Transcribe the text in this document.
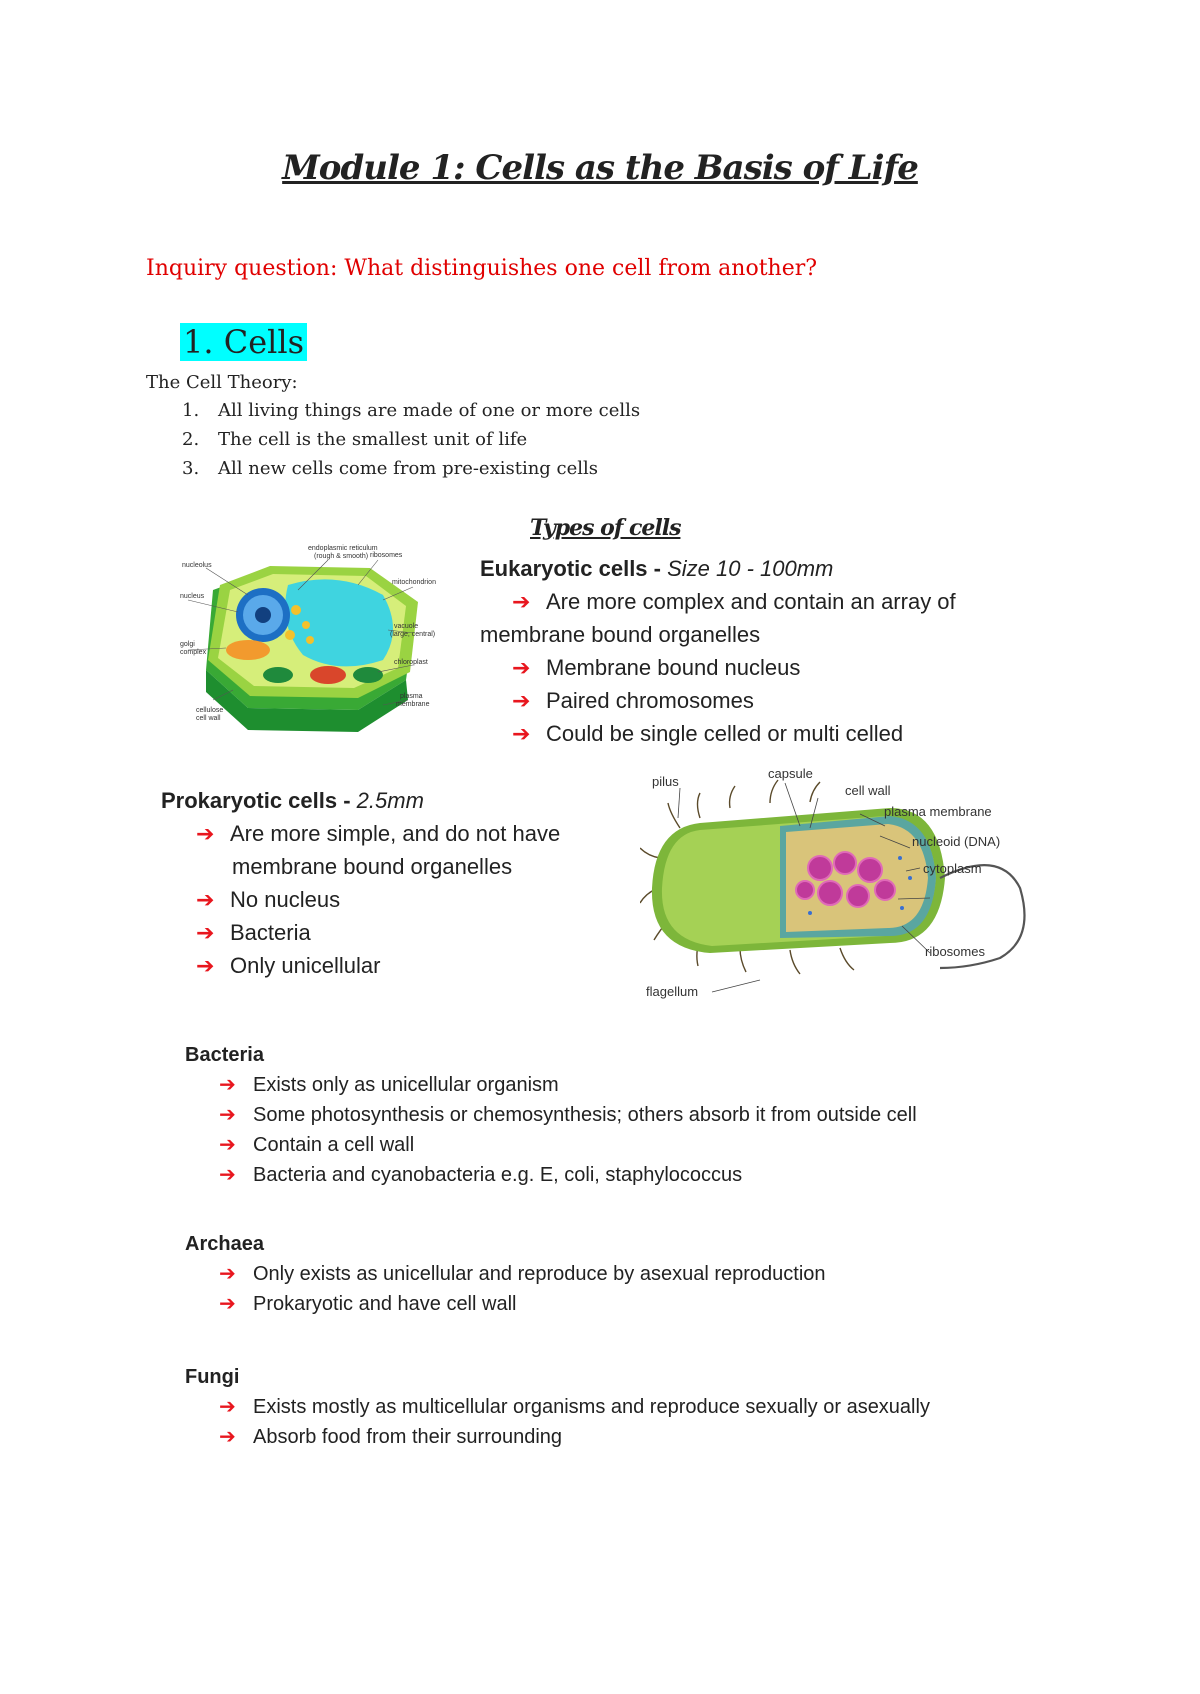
Module 1: Cells as the Basis of Life
Inquiry question: What distinguishes one cell from another?
1. Cells
The Cell Theory:
1. All living things are made of one or more cells
2. The cell is the smallest unit of life
3. All new cells come from pre-existing cells
Types of cells
nucleolus
endoplasmic reticulum
(rough & smooth) ribosomes
mitochondrion
nucleus
vacuole
(large, central)
golgi
complex
chloroplast
plasma
membrane
cellulose
cell wall
Eukaryotic cells - Size 10 - 100mm
➔ Are more complex and contain an array of
membrane bound organelles
➔ Membrane bound nucleus
➔ Paired chromosomes
➔ Could be single celled or multi celled
Prokaryotic cells - 2.5mm
➔ Are more simple, and do not have
membrane bound organelles
➔ No nucleus
➔ Bacteria
➔ Only unicellular
pilus
capsule
cell wall
plasma membrane
nucleoid (DNA)
cytoplasm
ribosomes
flagellum
Bacteria
➔ Exists only as unicellular organism
➔ Some photosynthesis or chemosynthesis; others absorb it from outside cell
➔ Contain a cell wall
➔ Bacteria and cyanobacteria e.g. E, coli, staphylococcus
Archaea
➔ Only exists as unicellular and reproduce by asexual reproduction
➔ Prokaryotic and have cell wall
Fungi
➔ Exists mostly as multicellular organisms and reproduce sexually or asexually
➔ Absorb food from their surrounding
